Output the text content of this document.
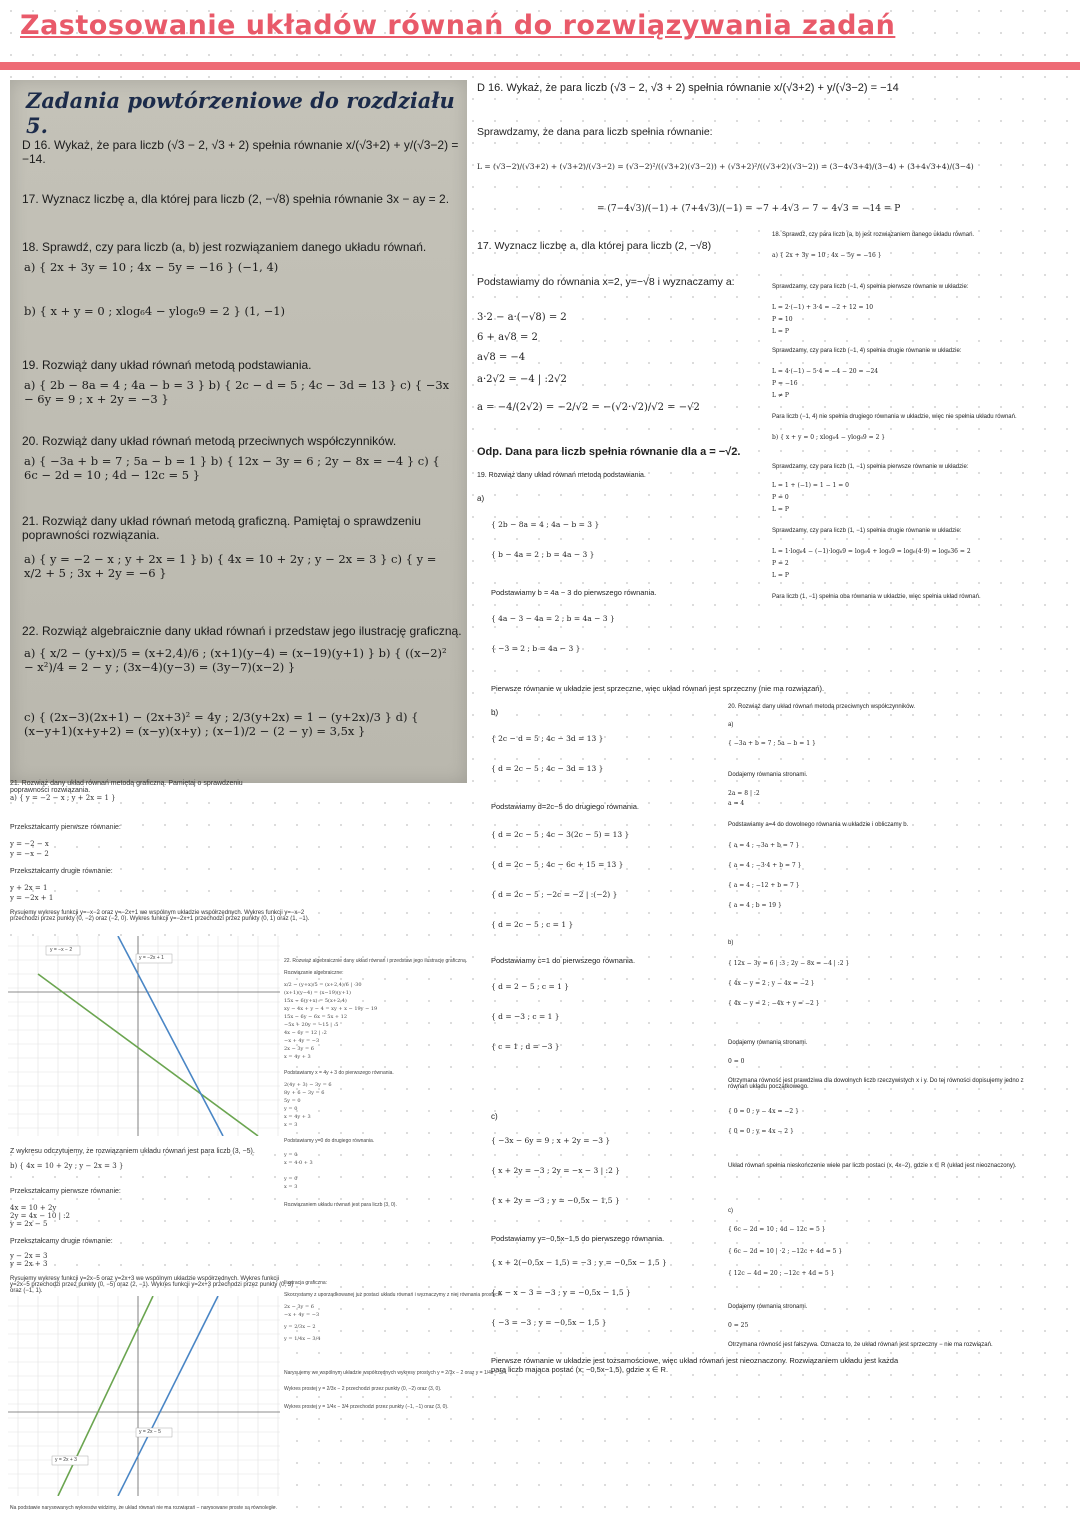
Zastosowanie układów równań do rozwiązywania zadań
Zadania powtórzeniowe do rozdziału 5.
D 16. Wykaż, że para liczb (√3 − 2, √3 + 2) spełnia równanie x/(√3+2) + y/(√3−2) = −14.
17. Wyznacz liczbę a, dla której para liczb (2, −√8) spełnia równanie 3x − ay = 2.
18. Sprawdź, czy para liczb (a, b) jest rozwiązaniem danego układu równań.
a) { 2x + 3y = 10 ; 4x − 5y = −16 } (−1, 4)
b) { x + y = 0 ; xlog₆4 − ylog₆9 = 2 } (1, −1)
19. Rozwiąż dany układ równań metodą podstawiania.
a) { 2b − 8a = 4 ; 4a − b = 3 } b) { 2c − d = 5 ; 4c − 3d = 13 } c) { −3x − 6y = 9 ; x + 2y = −3 }
20. Rozwiąż dany układ równań metodą przeciwnych współczynników.
a) { −3a + b = 7 ; 5a − b = 1 } b) { 12x − 3y = 6 ; 2y − 8x = −4 } c) { 6c − 2d = 10 ; 4d − 12c = 5 }
21. Rozwiąż dany układ równań metodą graficzną. Pamiętaj o sprawdzeniu poprawności rozwiązania.
a) { y = −2 − x ; y + 2x = 1 } b) { 4x = 10 + 2y ; y − 2x = 3 } c) { y = x/2 + 5 ; 3x + 2y = −6 }
22. Rozwiąż algebraicznie dany układ równań i przedstaw jego ilustrację graficzną.
a) { x/2 − (y+x)/5 = (x+2,4)/6 ; (x+1)(y−4) = (x−19)(y+1) } b) { ((x−2)² − x²)/4 = 2 − y ; (3x−4)(y−3) = (3y−7)(x−2) }
c) { (2x−3)(2x+1) − (2x+3)² = 4y ; 2/3(y+2x) = 1 − (y+2x)/3 } d) { (x−y+1)(x+y+2) = (x−y)(x+y) ; (x−1)/2 − (2 − y) = 3,5x }
21. Rozwiąż dany układ równań metodą graficzną. Pamiętaj o sprawdzeniu poprawności rozwiązania.
a) { y = −2 − x ; y + 2x = 1 }
Przekształcamy pierwsze równanie:
y = −2 − x
y = −x − 2
Przekształcamy drugie równanie:
y + 2x = 1
y = −2x + 1
Rysujemy wykresy funkcji y=−x−2 oraz y=−2x+1 we wspólnym układzie współrzędnych. Wykres funkcji y=−x−2 przechodzi przez punkty (0, −2) oraz (−2, 0). Wykres funkcji y=−2x+1 przechodzi przez punkty (0, 1) oraz (1, −1).
y = −x − 2
y = −2x + 1
Z wykresu odczytujemy, że rozwiązaniem układu równań jest para liczb (3, −5).
b) { 4x = 10 + 2y ; y − 2x = 3 }
Przekształcamy pierwsze równanie:
4x = 10 + 2y
2y = 4x − 10 | :2
y = 2x − 5
Przekształcamy drugie równanie:
y − 2x = 3
y = 2x + 3
Rysujemy wykresy funkcji y=2x−5 oraz y=2x+3 we wspólnym układzie współrzędnych. Wykres funkcji y=2x−5 przechodzi przez punkty (0, −5) oraz (2, −1). Wykres funkcji y=2x+3 przechodzi przez punkty (0, 3) oraz (−1, 1).
y = 2x − 5
y = 2x + 3
Na podstawie narysowanych wykresów widzimy, że układ równań nie ma rozwiązań − narysowane proste są równoległe.
22. Rozwiąż algebraicznie dany układ równań i przedstaw jego ilustrację graficzną.
Rozwiązanie algebraiczne:
x/2 − (y+x)/5 = (x+2,4)/6 | ·30
(x+1)(y−4) = (x−19)(y+1)
15x − 6(y+x) = 5(x+2,4)
xy − 4x + y − 4 = xy + x − 19y − 19
15x − 6y − 6x = 5x + 12
−5x + 20y = −15 | :5
4x − 6y = 12 | :2
−x + 4y = −3
2x − 3y = 6
x = 4y + 3
Podstawiamy x = 4y + 3 do pierwszego równania.
2(4y + 3) − 3y = 6
8y + 6 − 3y = 6
5y = 0
y = 0
x = 4y + 3
x = 3
Podstawiamy y=0 do drugiego równania.
y = 0
x = 4·0 + 3
y = 0
x = 3
Rozwiązaniem układu równań jest para liczb (3, 0).
Ilustracja graficzna:
Skorzystamy z uporządkowanej już postaci układu równań i wyznaczymy z niej równania prostych.
2x − 3y = 6
−x + 4y = −3
y = 2/3x − 2
y = 1/4x − 3/4
Narysujemy we wspólnym układzie współrzędnych wykresy prostych y = 2/3x − 2 oraz y = 1/4x − 3/4.
Wykres prostej y = 2/3x − 2 przechodzi przez punkty (0, −2) oraz (3, 0).
Wykres prostej y = 1/4x − 3/4 przechodzi przez punkty (−1, −1) oraz (3, 0).
D 16. Wykaż, że para liczb (√3 − 2, √3 + 2) spełnia równanie x/(√3+2) + y/(√3−2) = −14
Sprawdzamy, że dana para liczb spełnia równanie:
L = (√3−2)/(√3+2) + (√3+2)/(√3−2) = (√3−2)²/((√3+2)(√3−2)) + (√3+2)²/((√3+2)(√3−2)) = (3−4√3+4)/(3−4) + (3+4√3+4)/(3−4)
= (7−4√3)/(−1) + (7+4√3)/(−1) = −7 + 4√3 − 7 − 4√3 = −14 = P
17. Wyznacz liczbę a, dla której para liczb (2, −√8)
Podstawiamy do równania x=2, y=−√8 i wyznaczamy a:
3·2 − a·(−√8) = 2
6 + a√8 = 2
a√8 = −4
a·2√2 = −4 | :2√2
a = −4/(2√2) = −2/√2 = −(√2·√2)/√2 = −√2
Odp. Dana para liczb spełnia równanie dla a = −√2.
19. Rozwiąż dany układ równań metodą podstawiania.
a)
{ 2b − 8a = 4 ; 4a − b = 3 }
{ b − 4a = 2 ; b = 4a − 3 }
Podstawiamy b = 4a − 3 do pierwszego równania.
{ 4a − 3 − 4a = 2 ; b = 4a − 3 }
{ −3 = 2 ; b = 4a − 3 }
Pierwsze równanie w układzie jest sprzeczne, więc układ równań jest sprzeczny (nie ma rozwiązań).
b)
{ 2c − d = 5 ; 4c − 3d = 13 }
{ d = 2c − 5 ; 4c − 3d = 13 }
Podstawiamy d=2c−5 do drugiego równania.
{ d = 2c − 5 ; 4c − 3(2c − 5) = 13 }
{ d = 2c − 5 ; 4c − 6c + 15 = 13 }
{ d = 2c − 5 ; −2c = −2 | :(−2) }
{ d = 2c − 5 ; c = 1 }
Podstawiamy c=1 do pierwszego równania.
{ d = 2 − 5 ; c = 1 }
{ d = −3 ; c = 1 }
{ c = 1 ; d = −3 }
c)
{ −3x − 6y = 9 ; x + 2y = −3 }
{ x + 2y = −3 ; 2y = −x − 3 | :2 }
{ x + 2y = −3 ; y = −0,5x − 1,5 }
Podstawiamy y=−0,5x−1,5 do pierwszego równania.
{ x + 2(−0,5x − 1,5) = −3 ; y = −0,5x − 1,5 }
{ x − x − 3 = −3 ; y = −0,5x − 1,5 }
{ −3 = −3 ; y = −0,5x − 1,5 }
Pierwsze równanie w układzie jest tożsamościowe, więc układ równań jest nieoznaczony. Rozwiązaniem układu jest każda para liczb mająca postać (x; −0,5x−1,5), gdzie x ∈ R.
18. Sprawdź, czy para liczb (a, b) jest rozwiązaniem danego układu równań.
a) { 2x + 3y = 10 ; 4x − 5y = −16 }
Sprawdzamy, czy para liczb (−1, 4) spełnia pierwsze równanie w układzie:
L = 2·(−1) + 3·4 = −2 + 12 = 10
P = 10
L = P
Sprawdzamy, czy para liczb (−1, 4) spełnia drugie równanie w układzie:
L = 4·(−1) − 5·4 = −4 − 20 = −24
P = −16
L ≠ P
Para liczb (−1, 4) nie spełnia drugiego równania w układzie, więc nie spełnia układu równań.
b) { x + y = 0 ; xlog₆4 − ylog₆9 = 2 }
Sprawdzamy, czy para liczb (1, −1) spełnia pierwsze równanie w układzie:
L = 1 + (−1) = 1 − 1 = 0
P = 0
L = P
Sprawdzamy, czy para liczb (1, −1) spełnia drugie równanie w układzie:
L = 1·log₆4 − (−1)·log₆9 = log₆4 + log₆9 = log₆(4·9) = log₆36 = 2
P = 2
L = P
Para liczb (1, −1) spełnia oba równania w układzie, więc spełnia układ równań.
20. Rozwiąż dany układ równań metodą przeciwnych współczynników.
a)
{ −3a + b = 7 ; 5a − b = 1 }
Dodajemy równania stronami.
2a = 8 | :2
a = 4
Podstawiamy a=4 do dowolnego równania w układzie i obliczamy b.
{ a = 4 ; −3a + b = 7 }
{ a = 4 ; −3·4 + b = 7 }
{ a = 4 ; −12 + b = 7 }
{ a = 4 ; b = 19 }
b)
{ 12x − 3y = 6 | :3 ; 2y − 8x = −4 | :2 }
{ 4x − y = 2 ; y − 4x = −2 }
{ 4x − y = 2 ; −4x + y = −2 }
Dodajemy równania stronami.
0 = 0
Otrzymana równość jest prawdziwa dla dowolnych liczb rzeczywistych x i y. Do tej równości dopisujemy jedno z równań układu początkowego.
{ 0 = 0 ; y − 4x = −2 }
{ 0 = 0 ; y = 4x − 2 }
Układ równań spełnia nieskończenie wiele par liczb postaci (x, 4x−2), gdzie x ∈ R (układ jest nieoznaczony).
c)
{ 6c − 2d = 10 ; 4d − 12c = 5 }
{ 6c − 2d = 10 | ·2 ; −12c + 4d = 5 }
{ 12c − 4d = 20 ; −12c + 4d = 5 }
Dodajemy równania stronami.
0 = 25
Otrzymana równość jest fałszywa. Oznacza to, że układ równań jest sprzeczny − nie ma rozwiązań.
